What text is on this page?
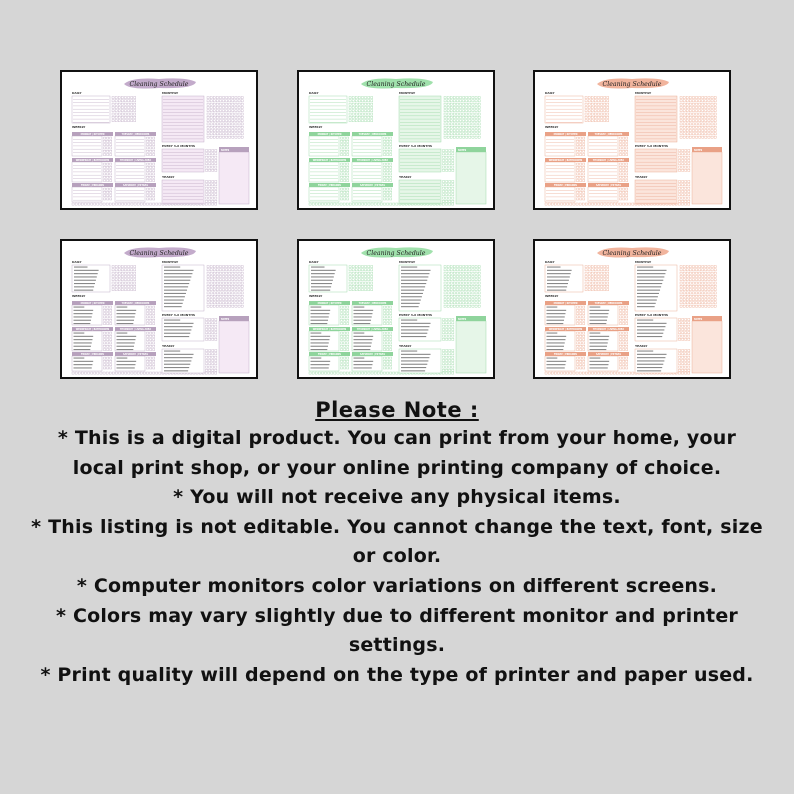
Cleaning Schedule
DAILY
WEEKLY
MONDAY | KITCHEN	TUESDAY | BEDROOMS
WEDNESDAY | BATHROOMS	THURSDAY | LIVING AREA
FRIDAY | ERRANDS	SATURDAY | EXTRAS
MONTHLY
EVERY 3-6 MONTHS
NOTES
YEARLY
Cleaning Schedule
DAILY
WEEKLY
MONDAY | KITCHEN	TUESDAY | BEDROOMS
WEDNESDAY | BATHROOMS	THURSDAY | LIVING AREA
FRIDAY | ERRANDS	SATURDAY | EXTRAS
MONTHLY
EVERY 3-6 MONTHS
NOTES
YEARLY
Cleaning Schedule
DAILY
WEEKLY
MONDAY | KITCHEN	TUESDAY | BEDROOMS
WEDNESDAY | BATHROOMS	THURSDAY | LIVING AREA
FRIDAY | ERRANDS	SATURDAY | EXTRAS
MONTHLY
EVERY 3-6 MONTHS
NOTES
YEARLY
Cleaning Schedule
DAILY
WEEKLY
MONDAY | KITCHEN	TUESDAY | BEDROOMS
WEDNESDAY | BATHROOMS	THURSDAY | LIVING AREA
FRIDAY | ERRANDS	SATURDAY | EXTRAS
MONTHLY
EVERY 3-6 MONTHS
NOTES
YEARLY
Cleaning Schedule
DAILY
WEEKLY
MONDAY | KITCHEN	TUESDAY | BEDROOMS
WEDNESDAY | BATHROOMS	THURSDAY | LIVING AREA
FRIDAY | ERRANDS	SATURDAY | EXTRAS
MONTHLY
EVERY 3-6 MONTHS
NOTES
YEARLY
Cleaning Schedule
DAILY
WEEKLY
MONDAY | KITCHEN	TUESDAY | BEDROOMS
WEDNESDAY | BATHROOMS	THURSDAY | LIVING AREA
FRIDAY | ERRANDS	SATURDAY | EXTRAS
MONTHLY
EVERY 3-6 MONTHS
NOTES
YEARLY
Please Note :
* This is a digital product. You can print from your home, your
local print shop, or your online printing company of choice.
* You will not receive any physical items.
* This listing is not editable. You cannot change the text, font, size
or color.
* Computer monitors color variations on different screens.
* Colors may vary slightly due to different monitor and printer
settings.
* Print quality will depend on the type of printer and paper used.
